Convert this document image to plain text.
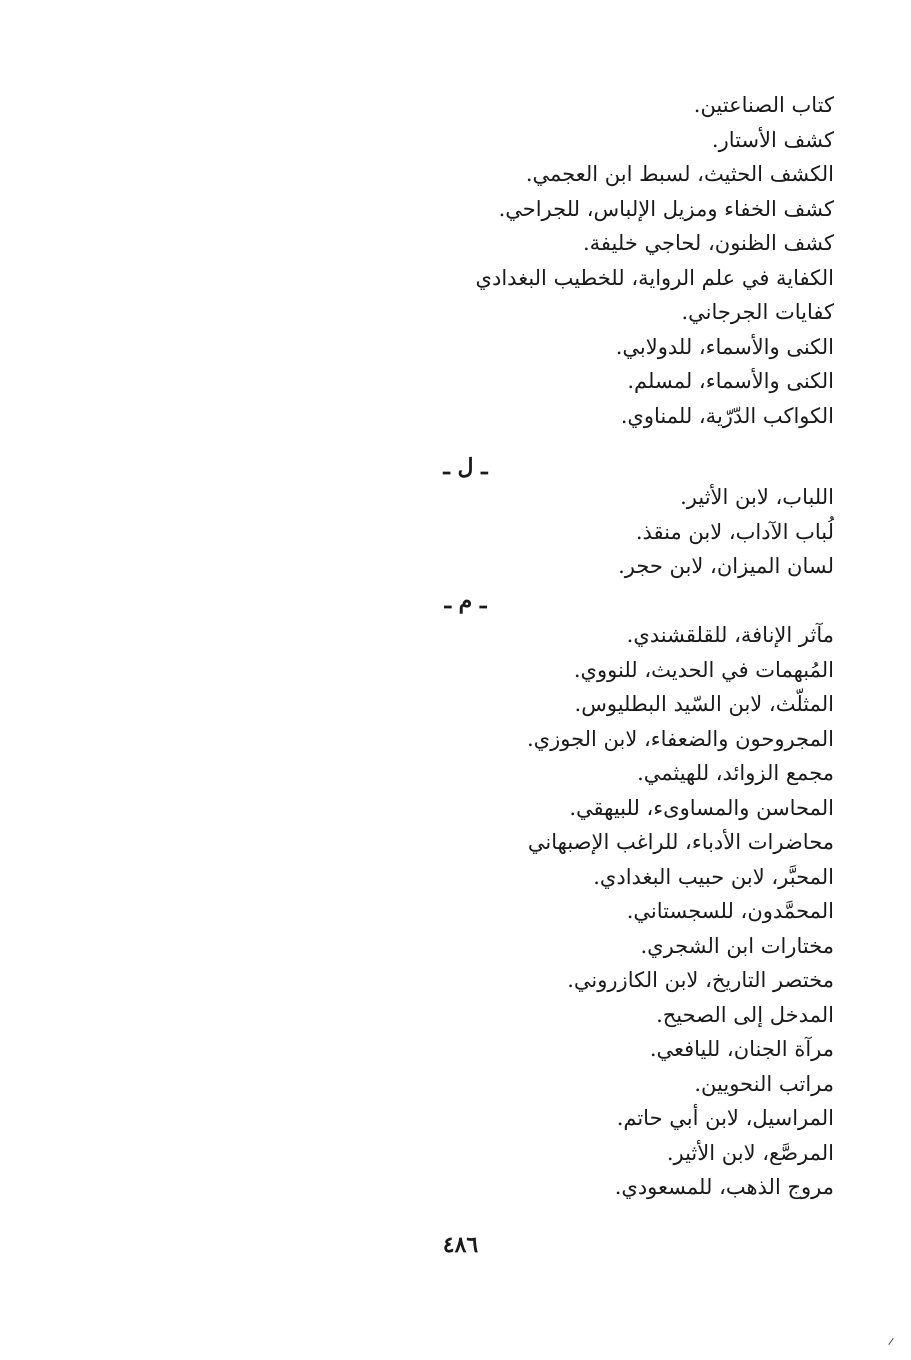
كتاب الصناعتين.

كشف الأستار.

الكشف الحثيث، لسبط ابن العجمي.

كشف الخفاء ومزيل الإلباس، للجراحي.

كشف الظنون، لحاجي خليفة.

الكفاية في علم الرواية، للخطيب البغدادي

كفايات الجرجاني.

الكنى والأسماء، للدولابي.

الكنى والأسماء، لمسلم.

الكواكب الدّرّية، للمناوي.

ـ ل ـ

اللباب، لابن الأثير.

لُباب الآداب، لابن منقذ.

لسان الميزان، لابن حجر.

ـ م ـ

مآثر الإنافة، للقلقشندي.

المُبهمات في الحديث، للنووي.

المثلّث، لابن السّيد البطليوس.

المجروحون والضعفاء، لابن الجوزي.

مجمع الزوائد، للهيثمي.

المحاسن والمساوىء، للبيهقي.

محاضرات الأدباء، للراغب الإصبهاني

المحبَّر، لابن حبيب البغدادي.

المحمَّدون، للسجستاني.

مختارات ابن الشجري.

مختصر التاريخ، لابن الكازروني.

المدخل إلى الصحيح.

مرآة الجنان، لليافعي.

مراتب النحويين.

المراسيل، لابن أبي حاتم.

المرصَّع، لابن الأثير.

مروج الذهب، للمسعودي.

٤٨٦
